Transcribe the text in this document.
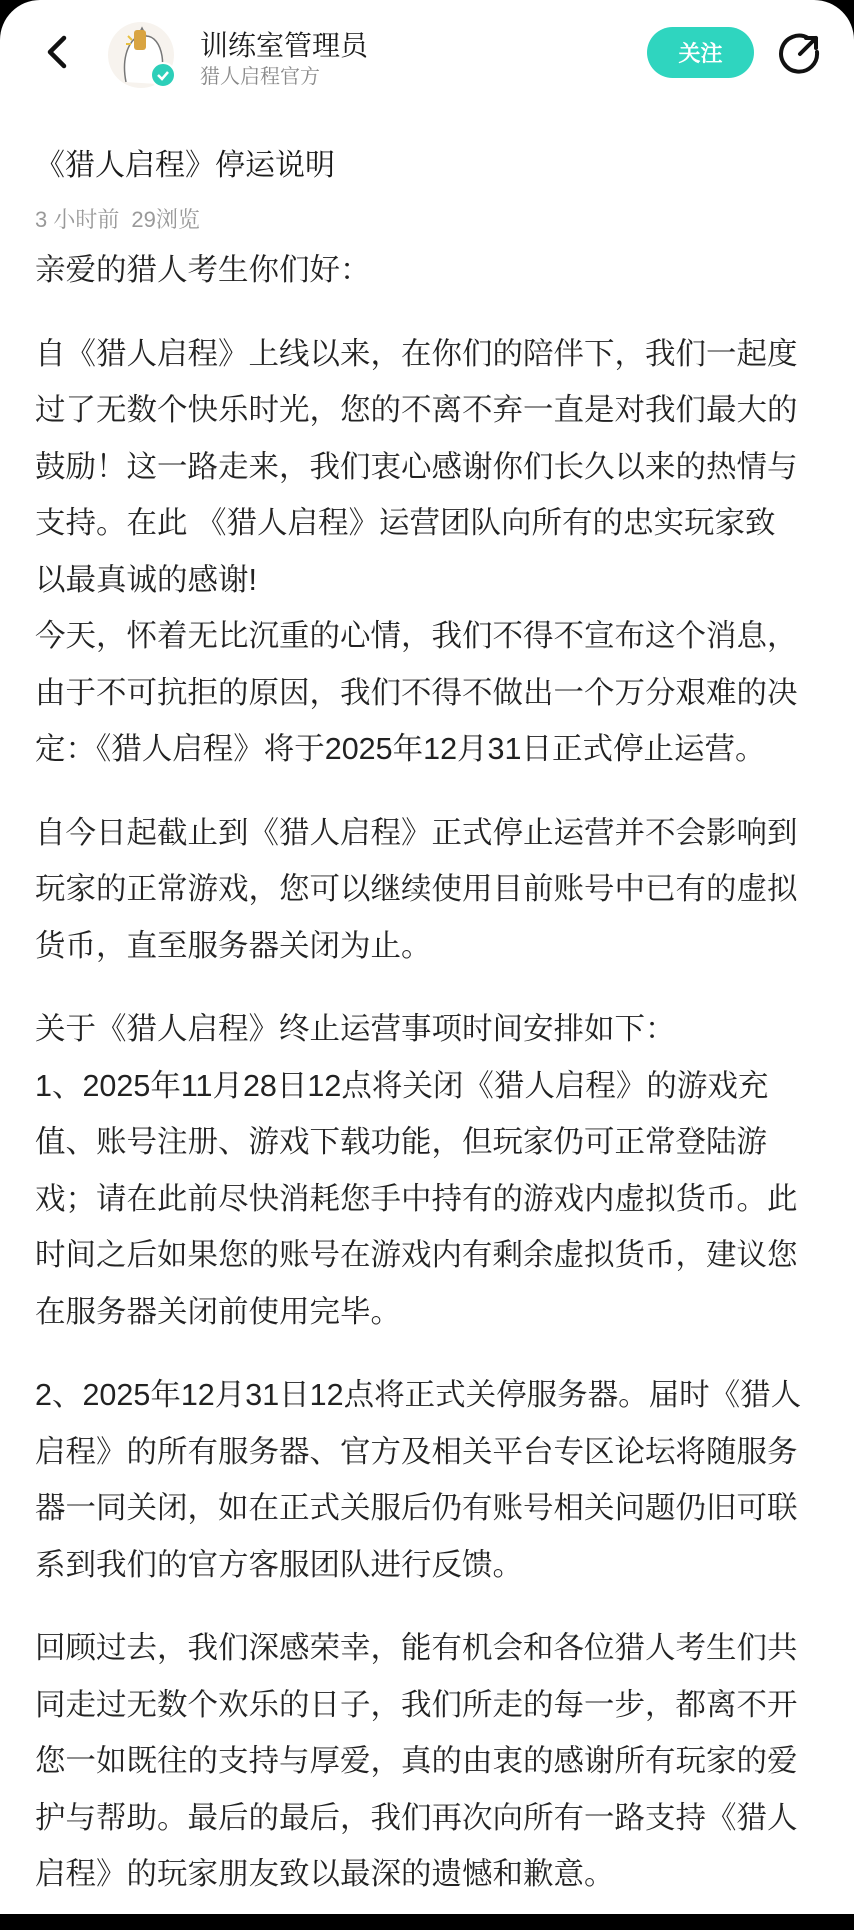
训练室管理员
猎人启程官方
关注
《猎人启程》停运说明
3 小时前 29浏览
亲爱的猎人考生你们好：
自《猎人启程》上线以来，在你们的陪伴下，我们一起度
过了无数个快乐时光，您的不离不弃一直是对我们最大的
鼓励！这一路走来，我们衷心感谢你们长久以来的热情与
支持。在此 《猎人启程》运营团队向所有的忠实玩家致
以最真诚的感谢!
今天，怀着无比沉重的心情，我们不得不宣布这个消息，
由于不可抗拒的原因，我们不得不做出一个万分艰难的决
定：《猎人启程》将于2025年12月31日正式停止运营。
自今日起截止到《猎人启程》正式停止运营并不会影响到
玩家的正常游戏，您可以继续使用目前账号中已有的虚拟
货币，直至服务器关闭为止。
关于《猎人启程》终止运营事项时间安排如下：
1、2025年11月28日12点将关闭《猎人启程》的游戏充
值、账号注册、游戏下载功能，但玩家仍可正常登陆游
戏；请在此前尽快消耗您手中持有的游戏内虚拟货币。此
时间之后如果您的账号在游戏内有剩余虚拟货币，建议您
在服务器关闭前使用完毕。
2、2025年12月31日12点将正式关停服务器。届时《猎人
启程》的所有服务器、官方及相关平台专区论坛将随服务
器一同关闭，如在正式关服后仍有账号相关问题仍旧可联
系到我们的官方客服团队进行反馈。
回顾过去，我们深感荣幸，能有机会和各位猎人考生们共
同走过无数个欢乐的日子，我们所走的每一步，都离不开
您一如既往的支持与厚爱，真的由衷的感谢所有玩家的爱
护与帮助。最后的最后，我们再次向所有一路支持《猎人
启程》的玩家朋友致以最深的遗憾和歉意。
